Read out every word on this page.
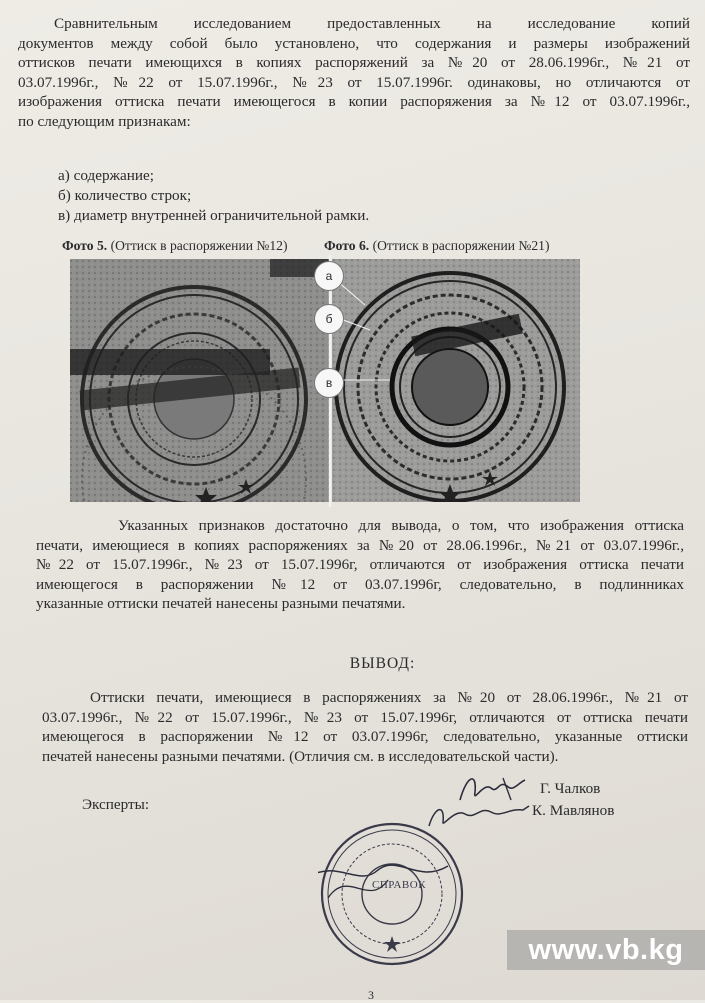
Сравнительным исследованием предоставленных на исследование копий
документов между собой было установлено, что содержания и размеры изображений
оттисков печати имеющихся в копиях распоряжений за №20 от 28.06.1996г., №21 от
03.07.1996г., №22 от 15.07.1996г., №23 от 15.07.1996г. одинаковы, но отличаются от
изображения оттиска печати имеющегося в копии распоряжения за №12 от 03.07.1996г.,
по следующим признакам:
а) содержание;
б) количество строк;
в) диаметр внутренней ограничительной рамки.
Фото 5. (Оттиск в распоряжении №12)	Фото 6. (Оттиск в распоряжении №21)
а
б
в
Указанных признаков достаточно для вывода, о том, что изображения оттиска
печати, имеющиеся в копиях распоряжениях за №20 от 28.06.1996г., №21 от 03.07.1996г.,
№22 от 15.07.1996г., №23 от 15.07.1996г, отличаются от изображения оттиска печати
имеющегося в распоряжении №12 от 03.07.1996г, следовательно, в подлинниках
указанные оттиски печатей нанесены разными печатями.
ВЫВОД:
Оттиски печати, имеющиеся в распоряжениях за №20 от 28.06.1996г., №21 от
03.07.1996г., №22 от 15.07.1996г., №23 от 15.07.1996г, отличаются от оттиска печати
имеющегося в распоряжении №12 от 03.07.1996г, следовательно, указанные оттиски
печатей нанесены разными печатями. (Отличия см. в исследовательской части).
Эксперты:
Г. Чалков
К. Мавлянов
СПРАВОК
www.vb.kg
3
